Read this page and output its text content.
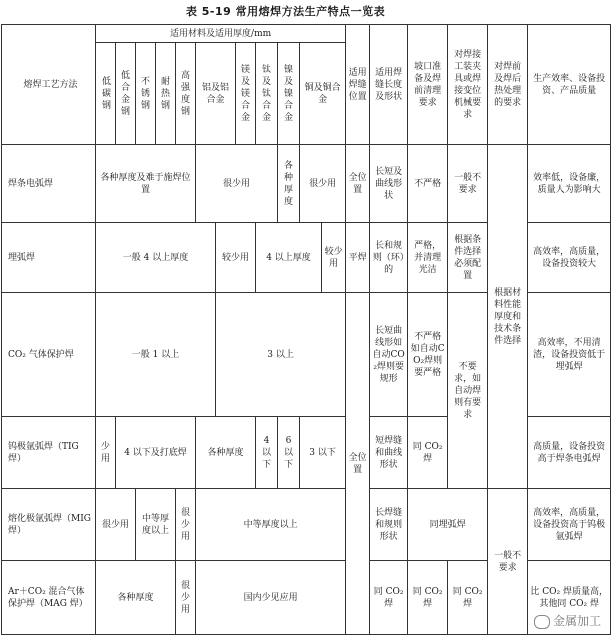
表 5-19 常用熔焊方法生产特点一览表
熔焊工艺方法	适用材料及适用厚度/mm												适用焊缝位置	适用焊缝长度及形状	坡口准备及焊前清理要求	对焊接工装夹具或焊接变位机械要求	对焊前及焊后热处理的要求	生产效率、设备投资、产品质量
	低碳钢	低合金钢	不锈钢	耐热钢	高强度钢	铝及铝合金		镁及镁合金	钛及钛合金	镍及镍合金	铜及铜合金							
焊条电弧焊	各种厚度及难于施焊位置					很少用				各种厚度	很少用		全位置	长短及曲线形状	不严格	一般不要求	根据材料性能厚度和技术条件选择	效率低，设备廉，质量人为影响大
埋弧焊	一般 4 以上厚度						较少用		4 以上厚度			较少用	平焊	长和规则（环）的	严格，并清理光洁	根据条件选择必须配置		高效率，高质量，设备投资较大
CO₂ 气体保护焊	一般 1 以上						3 以上						全位置	长短曲线形如自动CO₂焊则要规形	不严格如自动CO₂焊则要严格	不要求，如自动焊则有要求		高效率，不用清渣，设备投资低于埋弧焊
钨极氩弧焊（TIG 焊）	少用	4 以下及打底焊				各种厚度			4 以下	6 以下	3 以下			短焊缝和曲线形状	同 CO₂ 焊			高质量，设备投资高于焊条电弧焊
熔化极氩弧焊（MIG 焊）	很少用		中等厚度以上		很少用	中等厚度以上								长焊缝和规则形状	同埋弧焊		一般不要求	高效率，高质量，设备投资高于钨极氩弧焊
Ar＋CO₂ 混合气体保护焊（MAG 焊）	各种厚度				很少用	国内少见应用								同 CO₂ 焊	同 CO₂ 焊	同 CO₂ 焊		比 CO₂ 焊质量高，其他同 CO₂ 焊
金属加工
